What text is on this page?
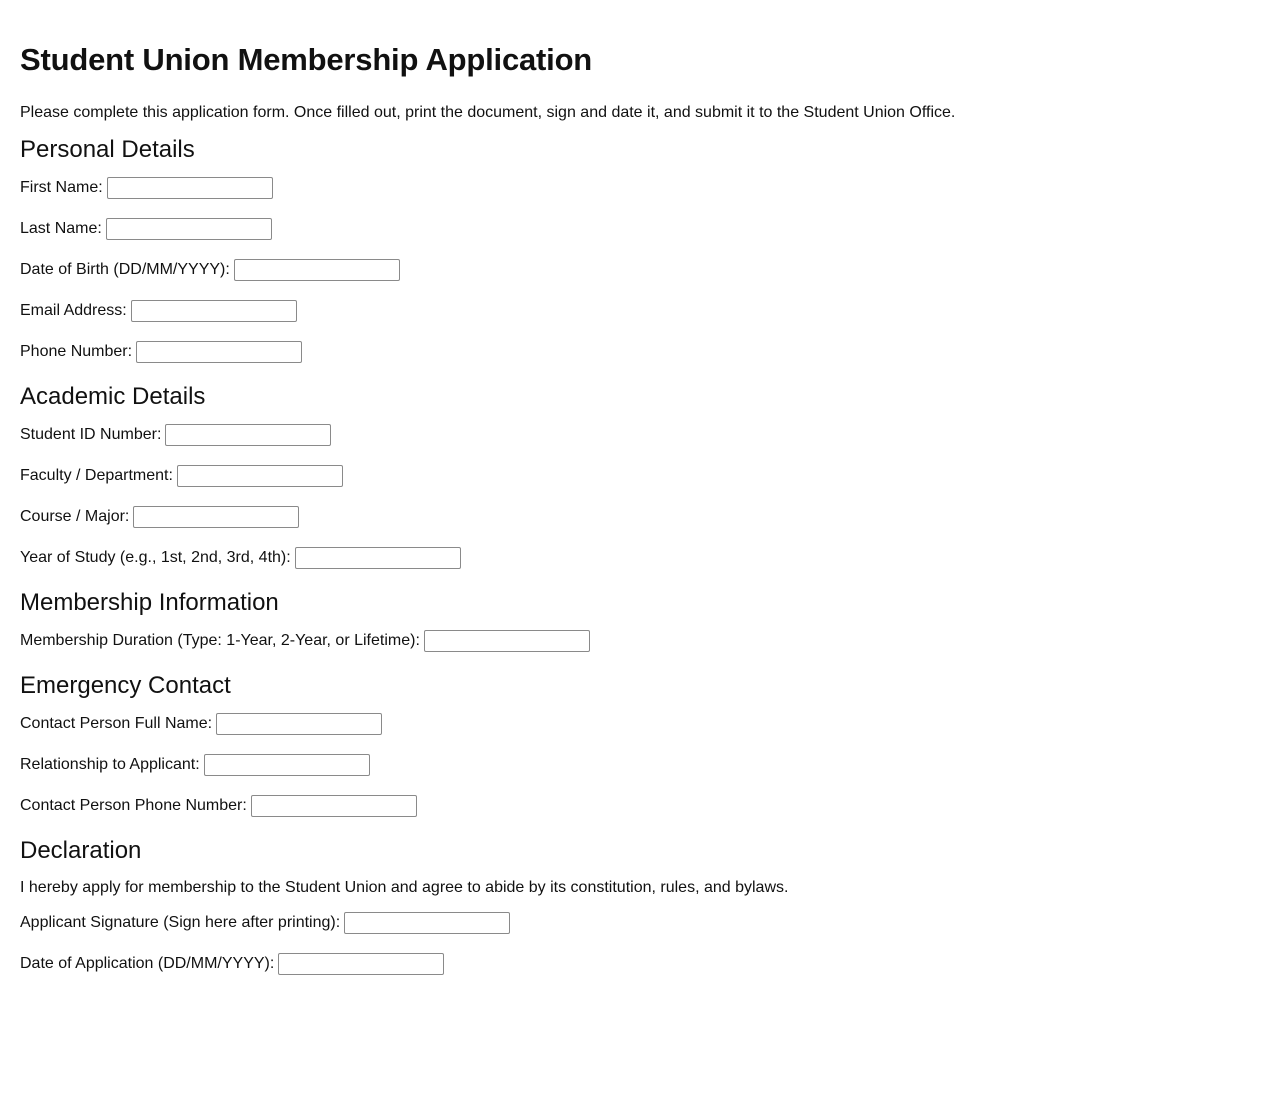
Student Union Membership Application

Please complete this application form. Once filled out, print the document, sign and date it, and submit it to the Student Union Office.

Personal Details
First Name:
Last Name:
Date of Birth (DD/MM/YYYY):
Email Address:
Phone Number:
Academic Details
Student ID Number:
Faculty / Department:
Course / Major:
Year of Study (e.g., 1st, 2nd, 3rd, 4th):
Membership Information
Membership Duration (Type: 1-Year, 2-Year, or Lifetime):
Emergency Contact
Contact Person Full Name:
Relationship to Applicant:
Contact Person Phone Number:
Declaration

I hereby apply for membership to the Student Union and agree to abide by its constitution, rules, and bylaws.

Applicant Signature (Sign here after printing):
Date of Application (DD/MM/YYYY):
